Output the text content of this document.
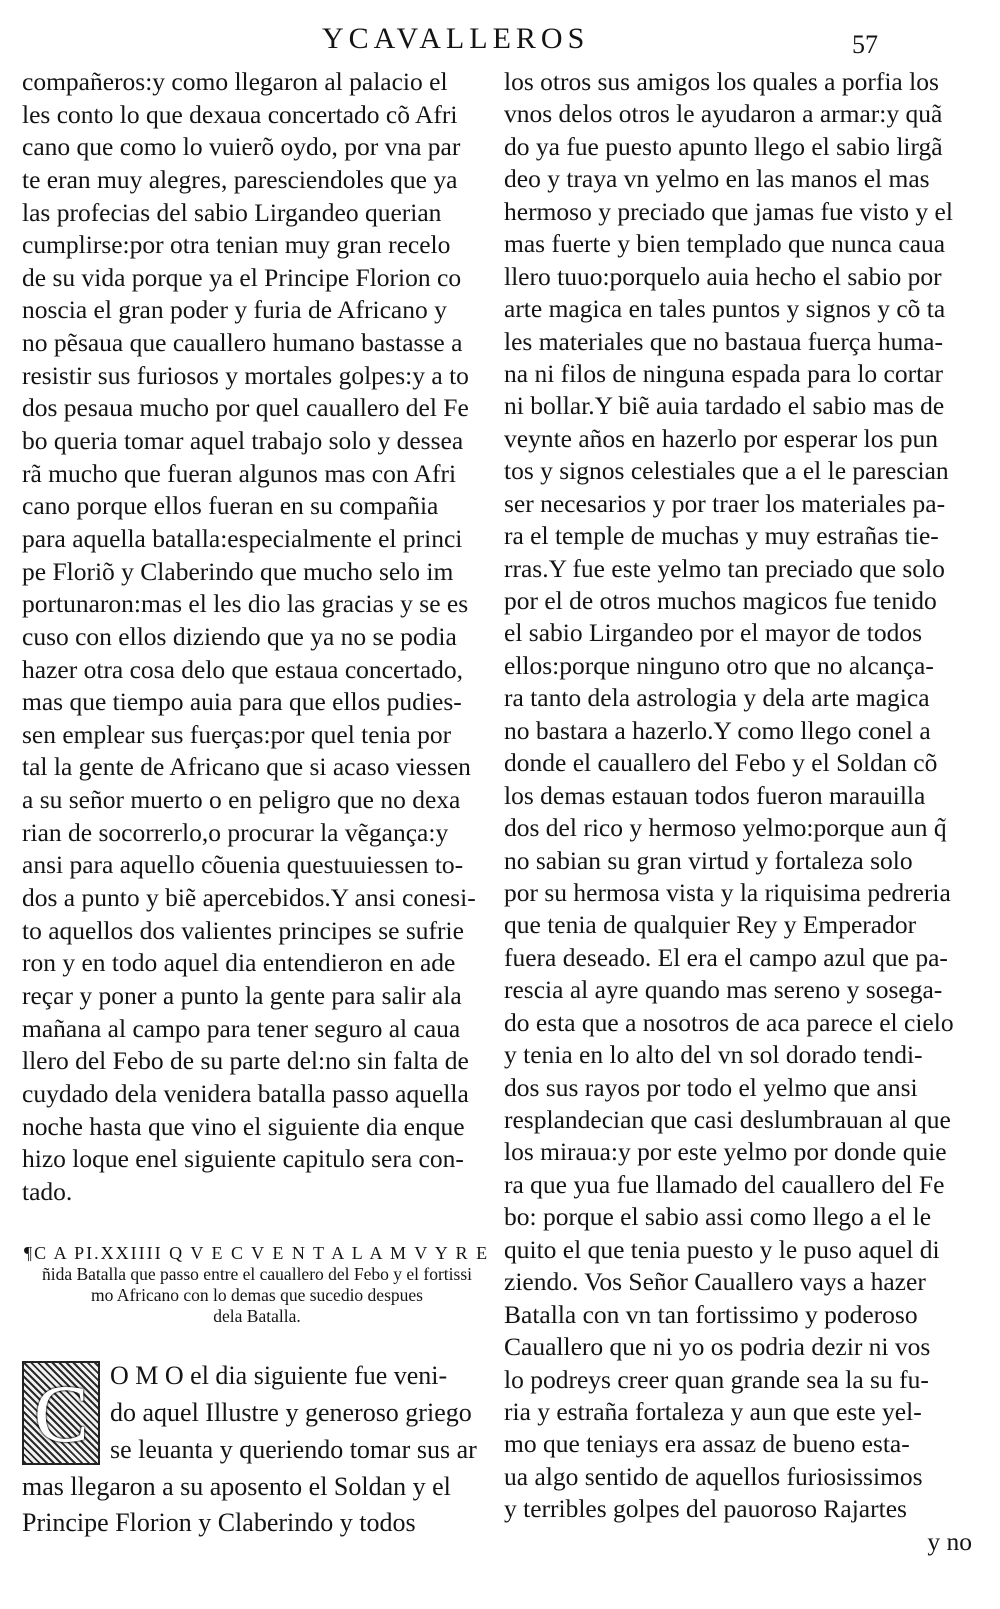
YCAVALLEROS	57
compañeros:y como llegaron al palacio el
les conto lo que dexaua concertado cõ Afri
cano que como lo vuierõ oydo, por vna par
te eran muy alegres, paresciendoles que ya
las profecias del sabio Lirgandeo querian
cumplirse:por otra tenian muy gran recelo
de su vida porque ya el Principe Florion co
noscia el gran poder y furia de Africano y
no pẽsaua que cauallero humano bastasse a
resistir sus furiosos y mortales golpes:y a to
dos pesaua mucho por quel cauallero del Fe
bo queria tomar aquel trabajo solo y dessea
rã mucho que fueran algunos mas con Afri
cano porque ellos fueran en su compañia
para aquella batalla:especialmente el princi
pe Floriõ y Claberindo que mucho selo im
portunaron:mas el les dio las gracias y se es
cuso con ellos diziendo que ya no se podia
hazer otra cosa delo que estaua concertado,
mas que tiempo auia para que ellos pudies-
sen emplear sus fuerças:por quel tenia por
tal la gente de Africano que si acaso viessen
a su señor muerto o en peligro que no dexa
rian de socorrerlo,o procurar la vẽgança:y
ansi para aquello cõuenia questuuiessen to-
dos a punto y biẽ apercebidos.Y ansi conesi-
to aquellos dos valientes principes se sufrie
ron y en todo aquel dia entendieron en ade
reçar y poner a punto la gente para salir ala
mañana al campo para tener seguro al caua
llero del Febo de su parte del:no sin falta de
cuydado dela venidera batalla passo aquella
noche hasta que vino el siguiente dia enque
hizo loque enel siguiente capitulo sera con-
tado.
¶C A PI.XXIIII Q V E C V E N T A L A M V Y R E
ñida Batalla que passo entre el cauallero del Febo y el fortissi
mo Africano con lo demas que sucedio despues
dela Batalla.
C O M O el dia siguiente fue veni-
do aquel Illustre y generoso griego
se leuanta y queriendo tomar sus ar
mas llegaron a su aposento el Soldan y el
Principe Florion y Claberindo y todos
los otros sus amigos los quales a porfia los
vnos delos otros le ayudaron a armar:y quã
do ya fue puesto apunto llego el sabio lirgã
deo y traya vn yelmo en las manos el mas
hermoso y preciado que jamas fue visto y el
mas fuerte y bien templado que nunca caua
llero tuuo:porquelo auia hecho el sabio por
arte magica en tales puntos y signos y cõ ta
les materiales que no bastaua fuerça huma-
na ni filos de ninguna espada para lo cortar
ni bollar.Y biẽ auia tardado el sabio mas de
veynte años en hazerlo por esperar los pun
tos y signos celestiales que a el le parescian
ser necesarios y por traer los materiales pa-
ra el temple de muchas y muy estrañas tie-
rras.Y fue este yelmo tan preciado que solo
por el de otros muchos magicos fue tenido
el sabio Lirgandeo por el mayor de todos
ellos:porque ninguno otro que no alcança-
ra tanto dela astrologia y dela arte magica
no bastara a hazerlo.Y como llego conel a
donde el cauallero del Febo y el Soldan cõ
los demas estauan todos fueron marauilla
dos del rico y hermoso yelmo:porque aun q̃
no sabian su gran virtud y fortaleza solo
por su hermosa vista y la riquisima pedreria
que tenia de qualquier Rey y Emperador
fuera deseado. El era el campo azul que pa-
rescia al ayre quando mas sereno y sosega-
do esta que a nosotros de aca parece el cielo
y tenia en lo alto del vn sol dorado tendi-
dos sus rayos por todo el yelmo que ansi
resplandecian que casi deslumbrauan al que
los miraua:y por este yelmo por donde quie
ra que yua fue llamado del cauallero del Fe
bo: porque el sabio assi como llego a el le
quito el que tenia puesto y le puso aquel di
ziendo. Vos Señor Cauallero vays a hazer
Batalla con vn tan fortissimo y poderoso
Cauallero que ni yo os podria dezir ni vos
lo podreys creer quan grande sea la su fu-
ria y estraña fortaleza y aun que este yel-
mo que teniays era assaz de bueno esta-
ua algo sentido de aquellos furiosissimos
y terribles golpes del pauoroso Rajartes
y no
